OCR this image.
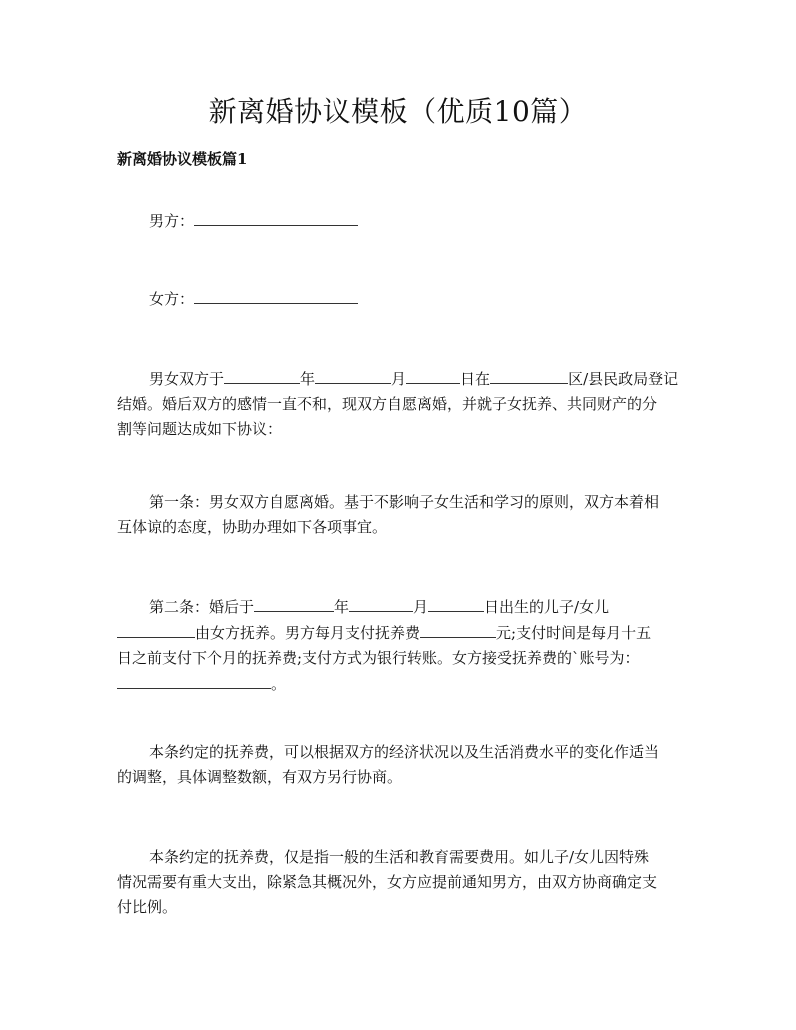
新离婚协议模板（优质10篇）
新离婚协议模板篇1

男方：

女方：

男女双方于	年	月	日在	区/县民政局登记
结婚。婚后双方的感情一直不和，现双方自愿离婚，并就子女抚养、共同财产的分
割等问题达成如下协议：
第一条：男女双方自愿离婚。基于不影响子女生活和学习的原则，双方本着相
互体谅的态度，协助办理如下各项事宜。
第二条：婚后于	年	月	日出生的儿子/女儿
由女方抚养。男方每月支付抚养费	元;支付时间是每月十五
日之前支付下个月的抚养费;支付方式为银行转账。女方接受抚养费的`账号为：
。
本条约定的抚养费，可以根据双方的经济状况以及生活消费水平的变化作适当
的调整，具体调整数额，有双方另行协商。
本条约定的抚养费，仅是指一般的生活和教育需要费用。如儿子/女儿因特殊
情况需要有重大支出，除紧急其概况外，女方应提前通知男方，由双方协商确定支
付比例。
